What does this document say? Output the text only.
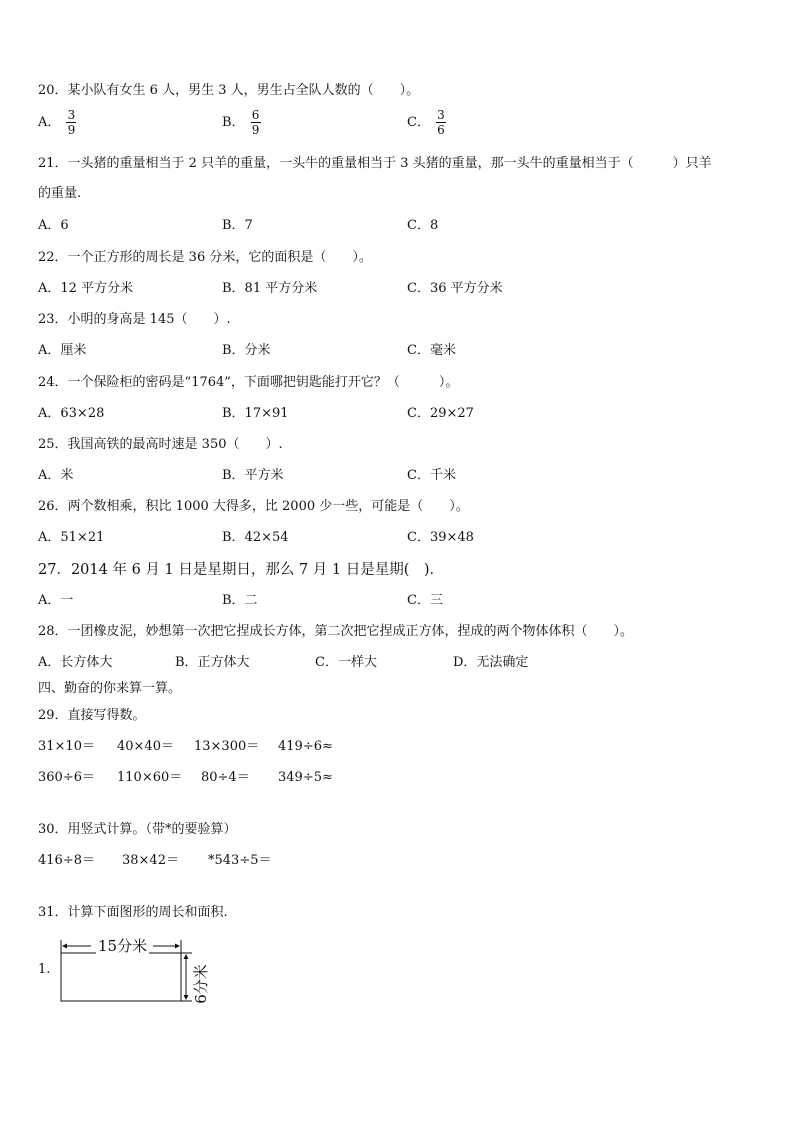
20．某小队有女生 6 人，男生 3 人，男生占全队人数的（　　）。
A． $\frac{3}{9}$	B． $\frac{6}{9}$	C． $\frac{3}{6}$
21．一头猪的重量相当于 2 只羊的重量，一头牛的重量相当于 3 头猪的重量，那一头牛的重量相当于（　　　）只羊
的重量.
A．6	B．7	C．8
22．一个正方形的周长是 36 分米，它的面积是（　　）。
A．12 平方分米	B．81 平方分米	C．36 平方分米
23．小明的身高是 145（　　）.
A．厘米	B．分米	C．毫米
24．一个保险柜的密码是“1764”，下面哪把钥匙能打开它？（　　　）。
A．63×28	B．17×91	C．29×27
25．我国高铁的最高时速是 350（　　）.
A．米	B．平方米	C．千米
26．两个数相乘，积比 1000 大得多，比 2000 少一些，可能是（　　）。
A．51×21	B．42×54	C．39×48
27．2014 年 6 月 1 日是星期日，那么 7 月 1 日是星期(　)．
A．一	B．二	C．三
28．一团橡皮泥，妙想第一次把它捏成长方体，第二次把它捏成正方体，捏成的两个物体体积（　　）。
A．长方体大	B．正方体大	C．一样大	D．无法确定
四、勤奋的你来算一算。
29．直接写得数。
31×10＝ 40×40＝ 13×300＝ 419÷6≈
360÷6＝ 110×60＝ 80÷4＝ 349÷5≈
30．用竖式计算。（带*的要验算）
416÷8＝ 38×42＝ *543÷5＝
31．计算下面图形的周长和面积.
1.
15分米
6分米
